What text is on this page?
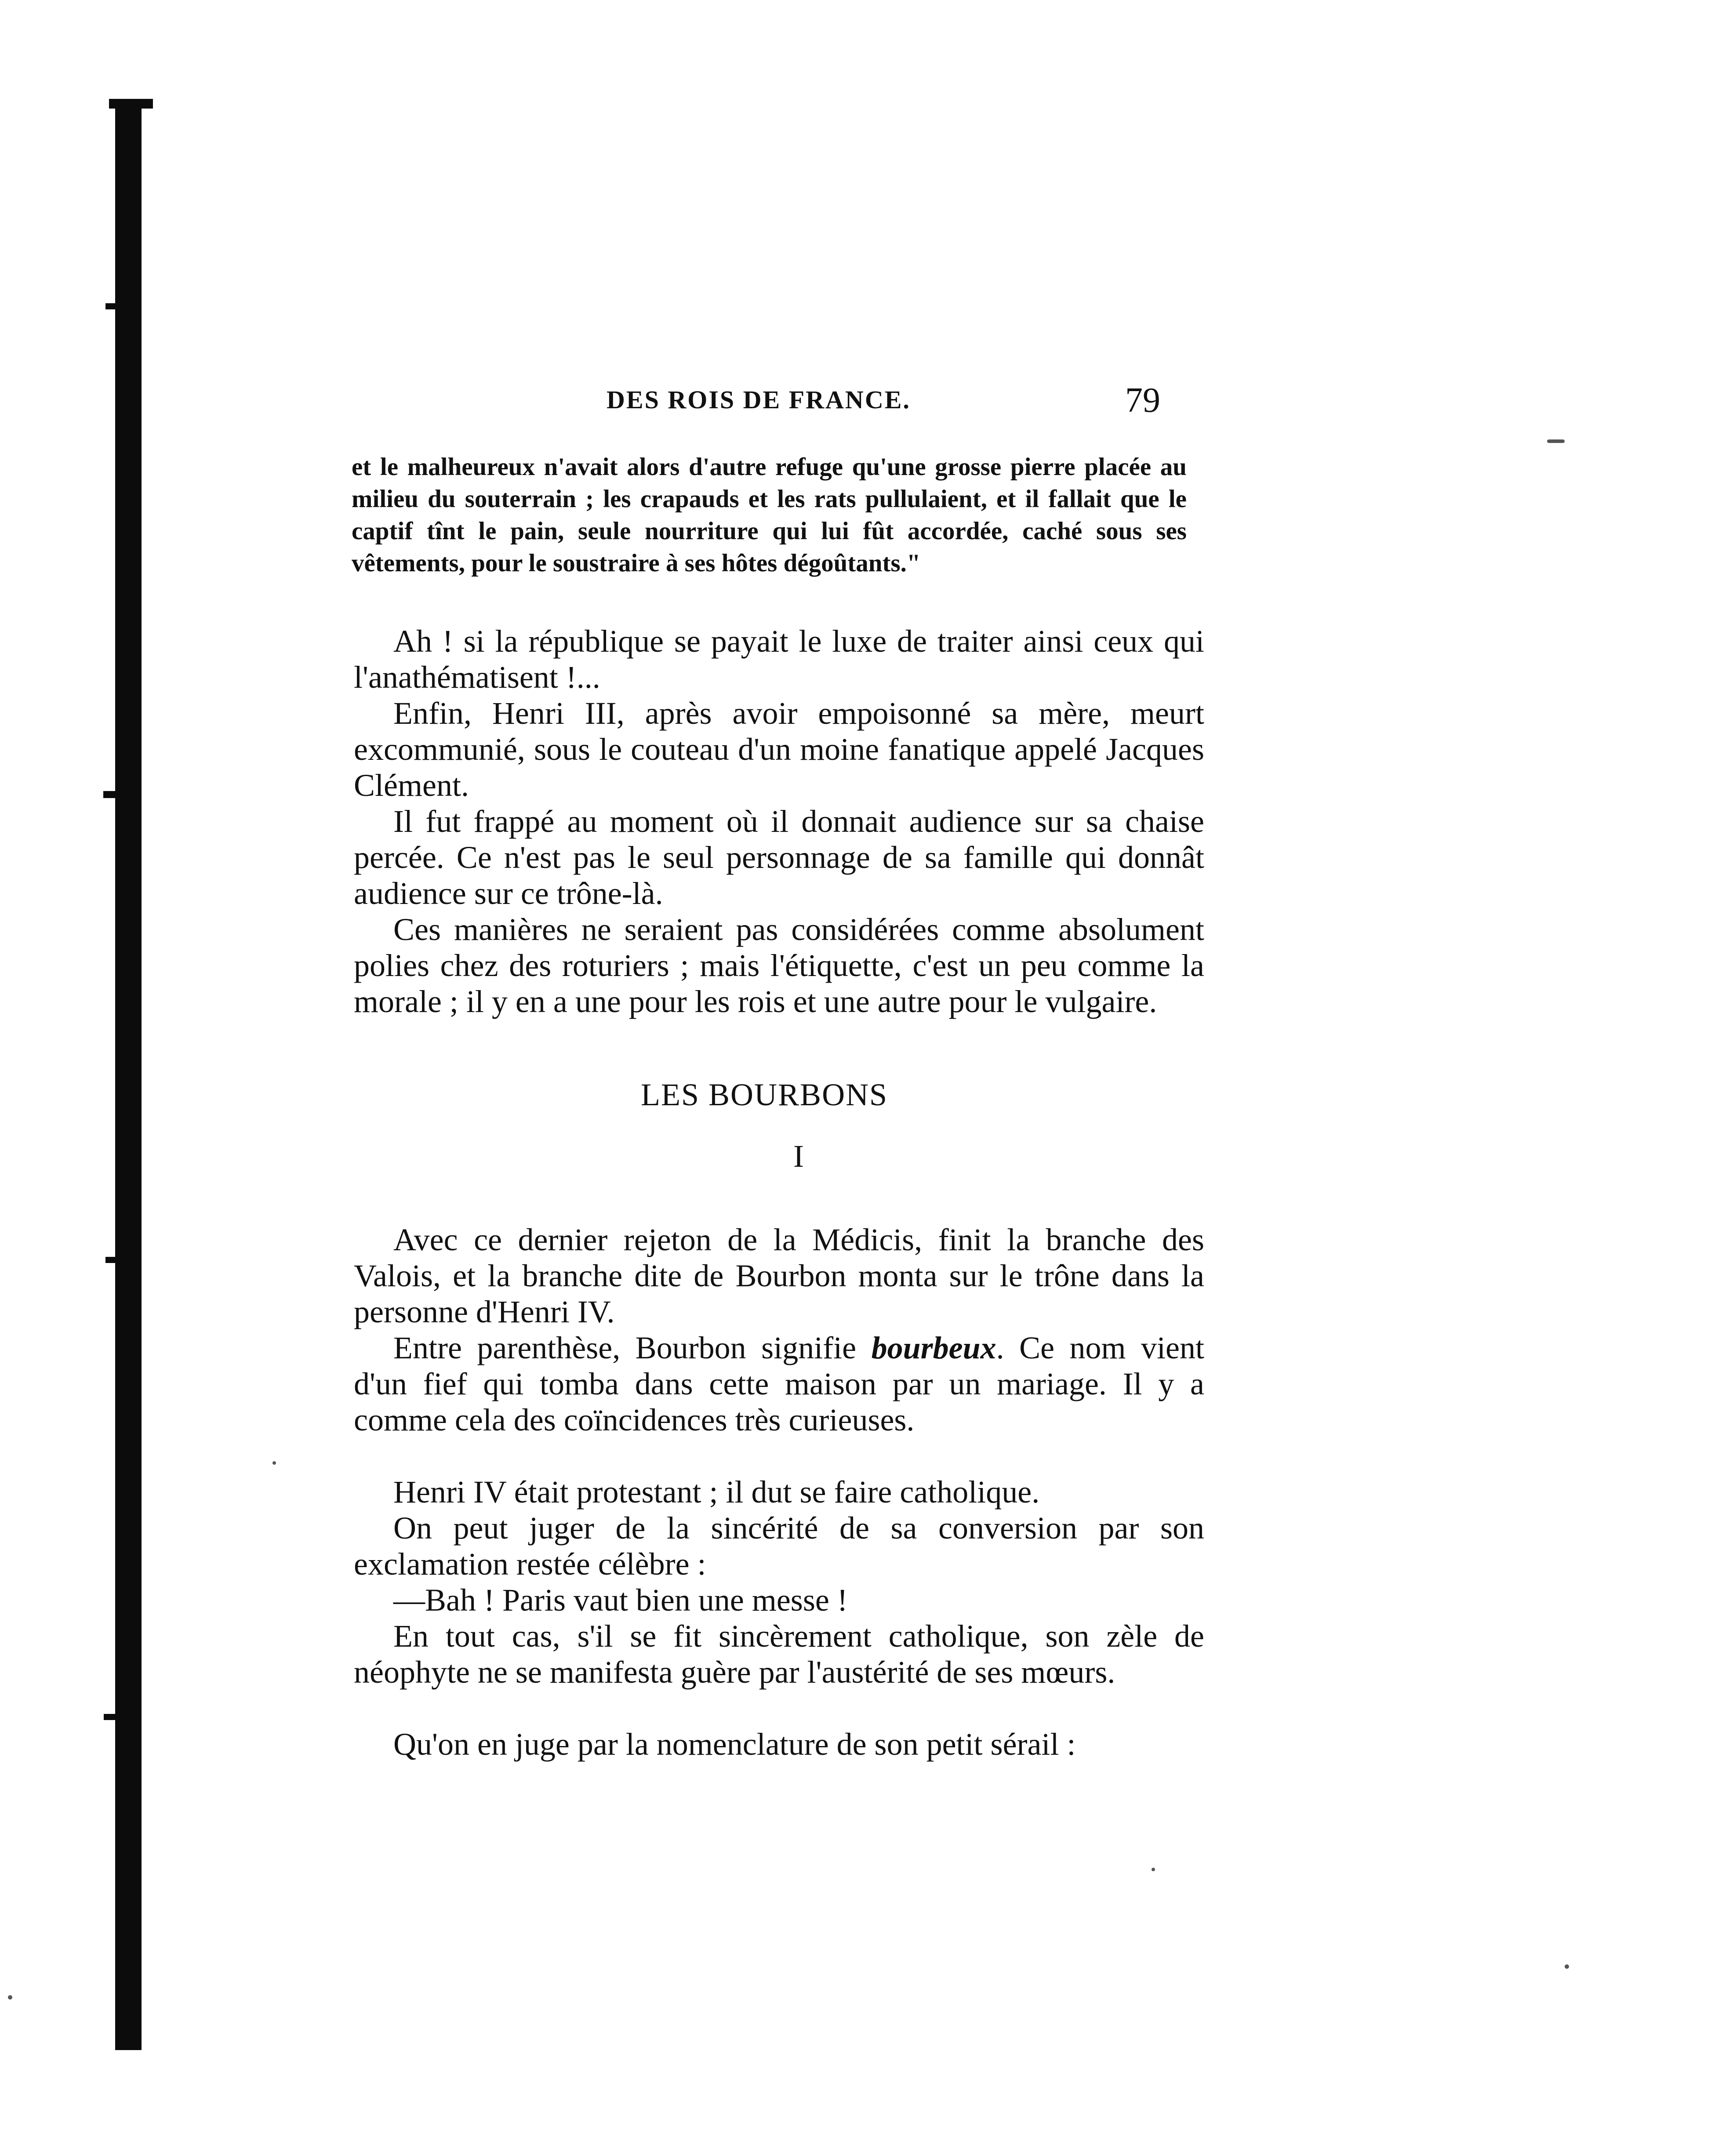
DES ROIS DE FRANCE.	79
et le malheureux n'avait alors d'autre refuge qu'une grosse pierre placée au milieu du souterrain ; les crapauds et les rats pullulaient, et il fallait que le captif tînt le pain, seule nourriture qui lui fût accordée, caché sous ses vêtements, pour le soustraire à ses hôtes dégoûtants."
Ah ! si la république se payait le luxe de traiter ainsi ceux qui l'anathématisent !...
Enfin, Henri III, après avoir empoisonné sa mère, meurt excommunié, sous le couteau d'un moine fanatique appelé Jacques Clément.
Il fut frappé au moment où il donnait audience sur sa chaise percée. Ce n'est pas le seul personnage de sa famille qui donnât audience sur ce trône-là.
Ces manières ne seraient pas considérées comme absolument polies chez des roturiers ; mais l'étiquette, c'est un peu comme la morale ; il y en a une pour les rois et une autre pour le vulgaire.
LES BOURBONS
I
Avec ce dernier rejeton de la Médicis, finit la branche des Valois, et la branche dite de Bourbon monta sur le trône dans la personne d'Henri IV.
Entre parenthèse, Bourbon signifie bourbeux. Ce nom vient d'un fief qui tomba dans cette maison par un mariage. Il y a comme cela des coïncidences très curieuses.
Henri IV était protestant ; il dut se faire catholique.
On peut juger de la sincérité de sa conversion par son exclamation restée célèbre :
—Bah ! Paris vaut bien une messe !
En tout cas, s'il se fit sincèrement catholique, son zèle de néophyte ne se manifesta guère par l'austérité de ses mœurs.
Qu'on en juge par la nomenclature de son petit sérail :
